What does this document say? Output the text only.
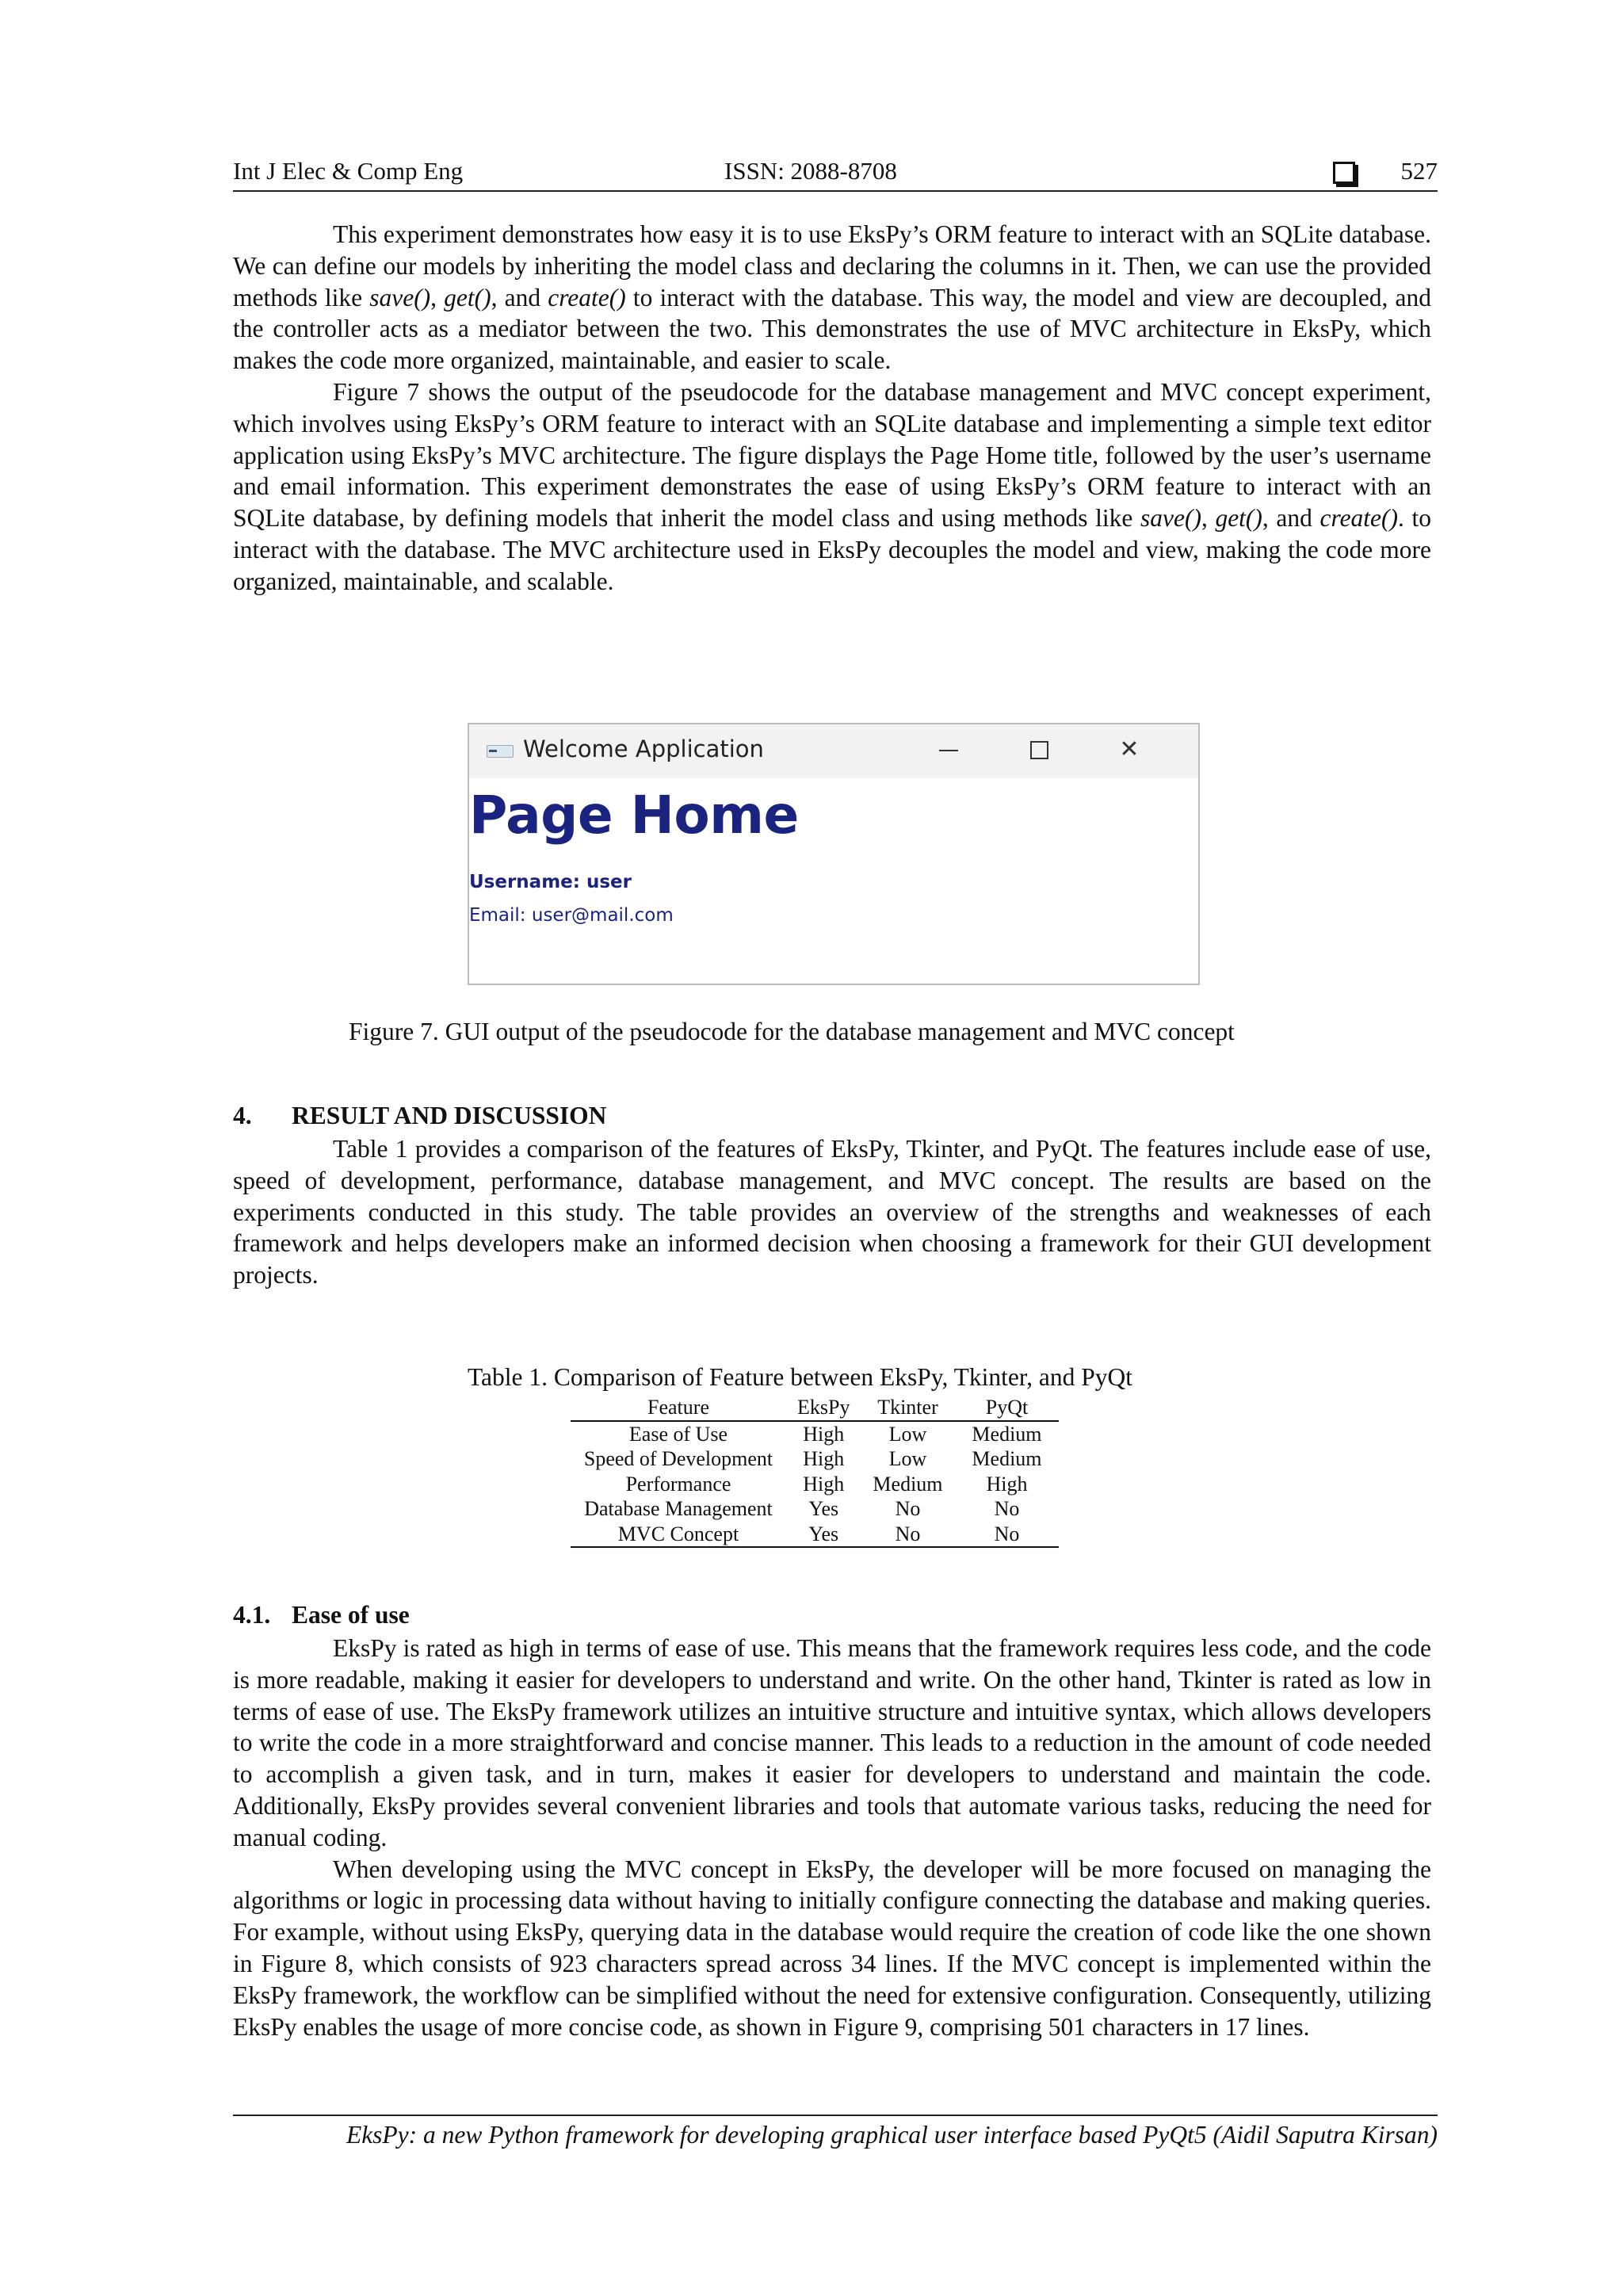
Int J Elec & Comp Eng	ISSN: 2088-8708	527

This experiment demonstrates how easy it is to use EksPy’s ORM feature to interact with an SQLite database. We can define our models by inheriting the model class and declaring the columns in it. Then, we can use the provided methods like save(), get(), and create() to interact with the database. This way, the model and view are decoupled, and the controller acts as a mediator between the two. This demonstrates the use of MVC architecture in EksPy, which makes the code more organized, maintainable, and easier to scale.

Figure 7 shows the output of the pseudocode for the database management and MVC concept experiment, which involves using EksPy’s ORM feature to interact with an SQLite database and implementing a simple text editor application using EksPy’s MVC architecture. The figure displays the Page Home title, followed by the user’s username and email information. This experiment demonstrates the ease of using EksPy’s ORM feature to interact with an SQLite database, by defining models that inherit the model class and using methods like save(), get(), and create(). to interact with the database. The MVC architecture used in EksPy decouples the model and view, making the code more organized, maintainable, and scalable.

Welcome Application	✕
Page Home
Username: user
Email: user@mail.com
Figure 7. GUI output of the pseudocode for the database management and MVC concept
4. RESULT AND DISCUSSION

Table 1 provides a comparison of the features of EksPy, Tkinter, and PyQt. The features include ease of use, speed of development, performance, database management, and MVC concept. The results are based on the experiments conducted in this study. The table provides an overview of the strengths and weaknesses of each framework and helps developers make an informed decision when choosing a framework for their GUI development projects.

Table 1. Comparison of Feature between EksPy, Tkinter, and PyQt
Feature	EksPy	Tkinter	PyQt
Ease of Use	High	Low	Medium
Speed of Development	High	Low	Medium
Performance	High	Medium	High
Database Management	Yes	No	No
MVC Concept	Yes	No	No
4.1. Ease of use

EksPy is rated as high in terms of ease of use. This means that the framework requires less code, and the code is more readable, making it easier for developers to understand and write. On the other hand, Tkinter is rated as low in terms of ease of use. The EksPy framework utilizes an intuitive structure and intuitive syntax, which allows developers to write the code in a more straightforward and concise manner. This leads to a reduction in the amount of code needed to accomplish a given task, and in turn, makes it easier for developers to understand and maintain the code. Additionally, EksPy provides several convenient libraries and tools that automate various tasks, reducing the need for manual coding.

When developing using the MVC concept in EksPy, the developer will be more focused on managing the algorithms or logic in processing data without having to initially configure connecting the database and making queries. For example, without using EksPy, querying data in the database would require the creation of code like the one shown in Figure 8, which consists of 923 characters spread across 34 lines. If the MVC concept is implemented within the EksPy framework, the workflow can be simplified without the need for extensive configuration. Consequently, utilizing EksPy enables the usage of more concise code, as shown in Figure 9, comprising 501 characters in 17 lines.

EksPy: a new Python framework for developing graphical user interface based PyQt5 (Aidil Saputra Kirsan)
